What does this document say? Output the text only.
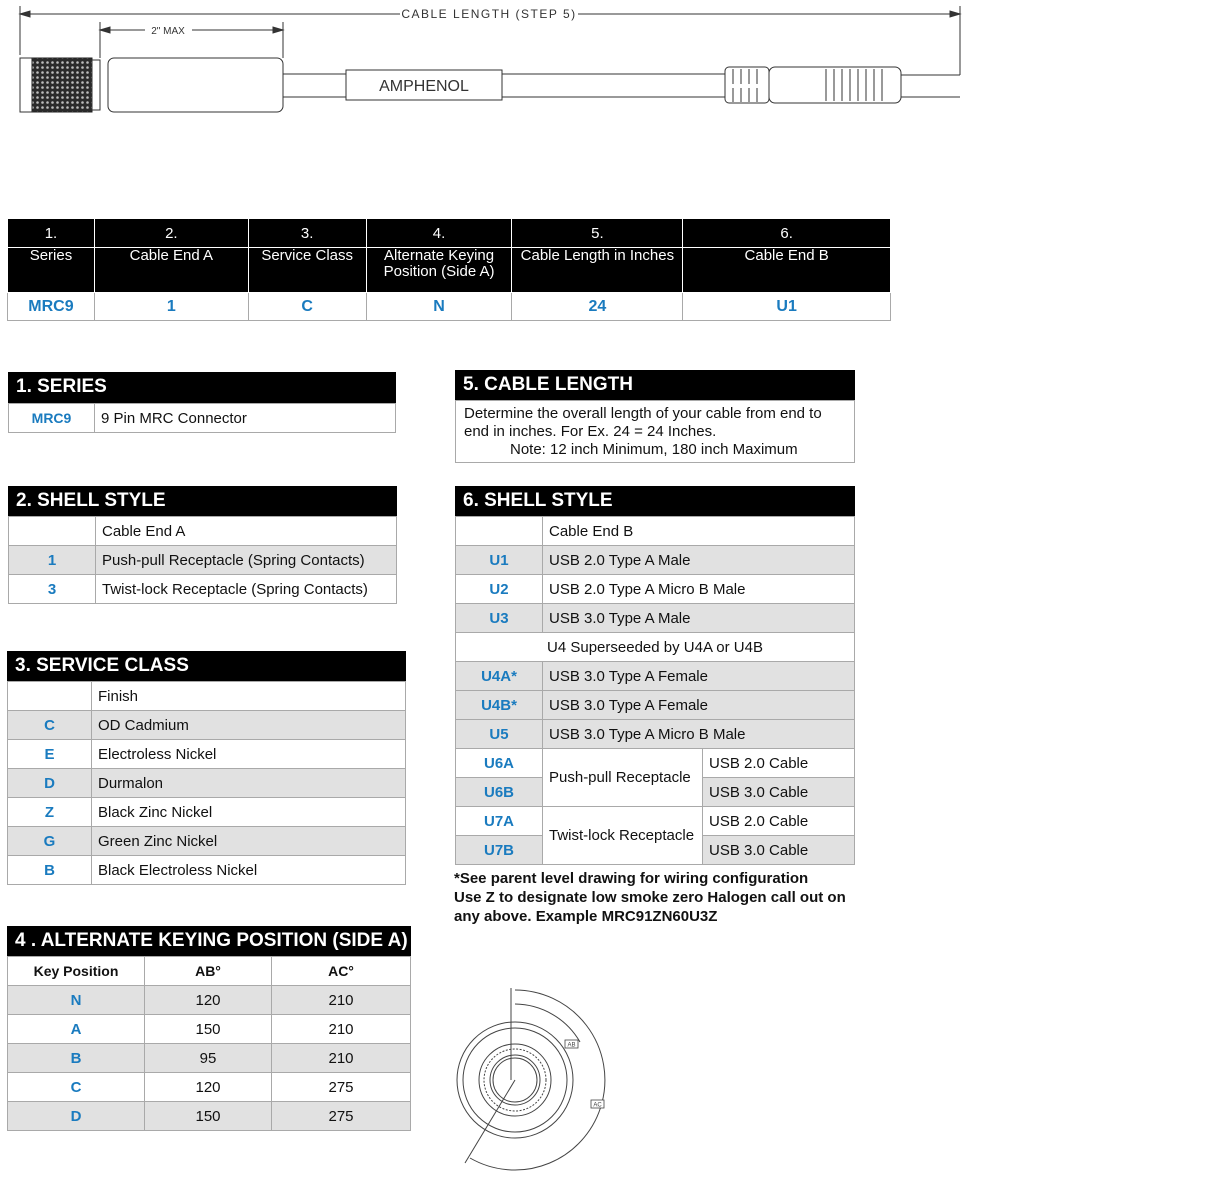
CABLE LENGTH (STEP 5)
2" MAX
AMPHENOL
1.	2.	3.	4.	5.	6.
Series	Cable End A	Service Class	Alternate Keying Position (Side A)	Cable Length in Inches	Cable End B
MRC9	1	C	N	24	U1
1. SERIES
MRC9	9 Pin MRC Connector
2. SHELL STYLE
	Cable End A
1	Push-pull Receptacle (Spring Contacts)
3	Twist-lock Receptacle (Spring Contacts)
3. SERVICE CLASS
	Finish
C	OD Cadmium
E	Electroless Nickel
D	Durmalon
Z	Black Zinc Nickel
G	Green Zinc Nickel
B	Black Electroless Nickel
4 . ALTERNATE KEYING POSITION (SIDE A)
Key Position	AB°	AC°
N	120	210
A	150	210
B	95	210
C	120	275
D	150	275
5. CABLE LENGTH
Determine the overall length of your cable from end to
end in inches. For Ex. 24 = 24 Inches.
Note: 12 inch Minimum, 180 inch Maximum
6. SHELL STYLE
	Cable End B	
U1	USB 2.0 Type A Male	
U2	USB 2.0 Type A Micro B Male	
U3	USB 3.0 Type A Male	
U4 Superseeded by U4A or U4B		
U4A*	USB 3.0 Type A Female	
U4B*	USB 3.0 Type A Female	
U5	USB 3.0 Type A Micro B Male	
U6A	Push-pull Receptacle	USB 2.0 Cable
U6B		USB 3.0 Cable
U7A	Twist-lock Receptacle	USB 2.0 Cable
U7B		USB 3.0 Cable
*See parent level drawing for wiring configuration
Use Z to designate low smoke zero Halogen call out on
any above. Example MRC91ZN60U3Z
AB
AC
